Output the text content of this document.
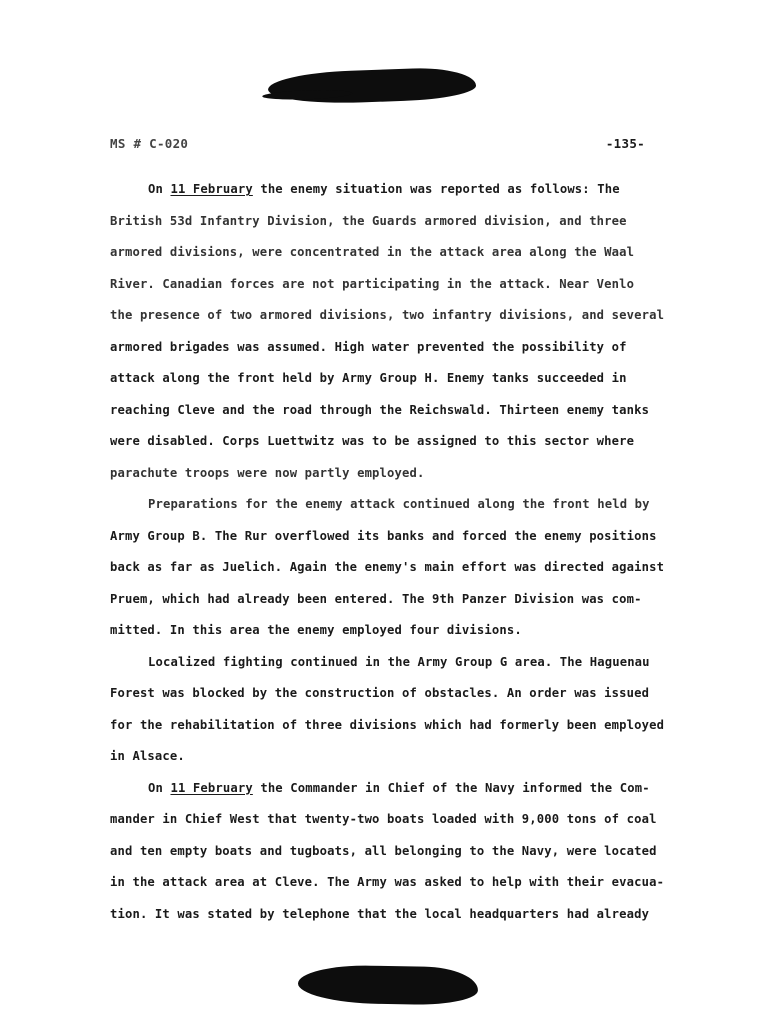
MS # C-020	-135-
On 11 February the enemy situation was reported as follows: The
British 53d Infantry Division, the Guards armored division, and three
armored divisions, were concentrated in the attack area along the Waal
River. Canadian forces are not participating in the attack. Near Venlo
the presence of two armored divisions, two infantry divisions, and several
armored brigades was assumed. High water prevented the possibility of
attack along the front held by Army Group H. Enemy tanks succeeded in
reaching Cleve and the road through the Reichswald. Thirteen enemy tanks
were disabled. Corps Luettwitz was to be assigned to this sector where
parachute troops were now partly employed.
Preparations for the enemy attack continued along the front held by
Army Group B. The Rur overflowed its banks and forced the enemy positions
back as far as Juelich. Again the enemy's main effort was directed against
Pruem, which had already been entered. The 9th Panzer Division was com-
mitted. In this area the enemy employed four divisions.
Localized fighting continued in the Army Group G area. The Haguenau
Forest was blocked by the construction of obstacles. An order was issued
for the rehabilitation of three divisions which had formerly been employed
in Alsace.
On 11 February the Commander in Chief of the Navy informed the Com-
mander in Chief West that twenty-two boats loaded with 9,000 tons of coal
and ten empty boats and tugboats, all belonging to the Navy, were located
in the attack area at Cleve. The Army was asked to help with their evacua-
tion. It was stated by telephone that the local headquarters had already
